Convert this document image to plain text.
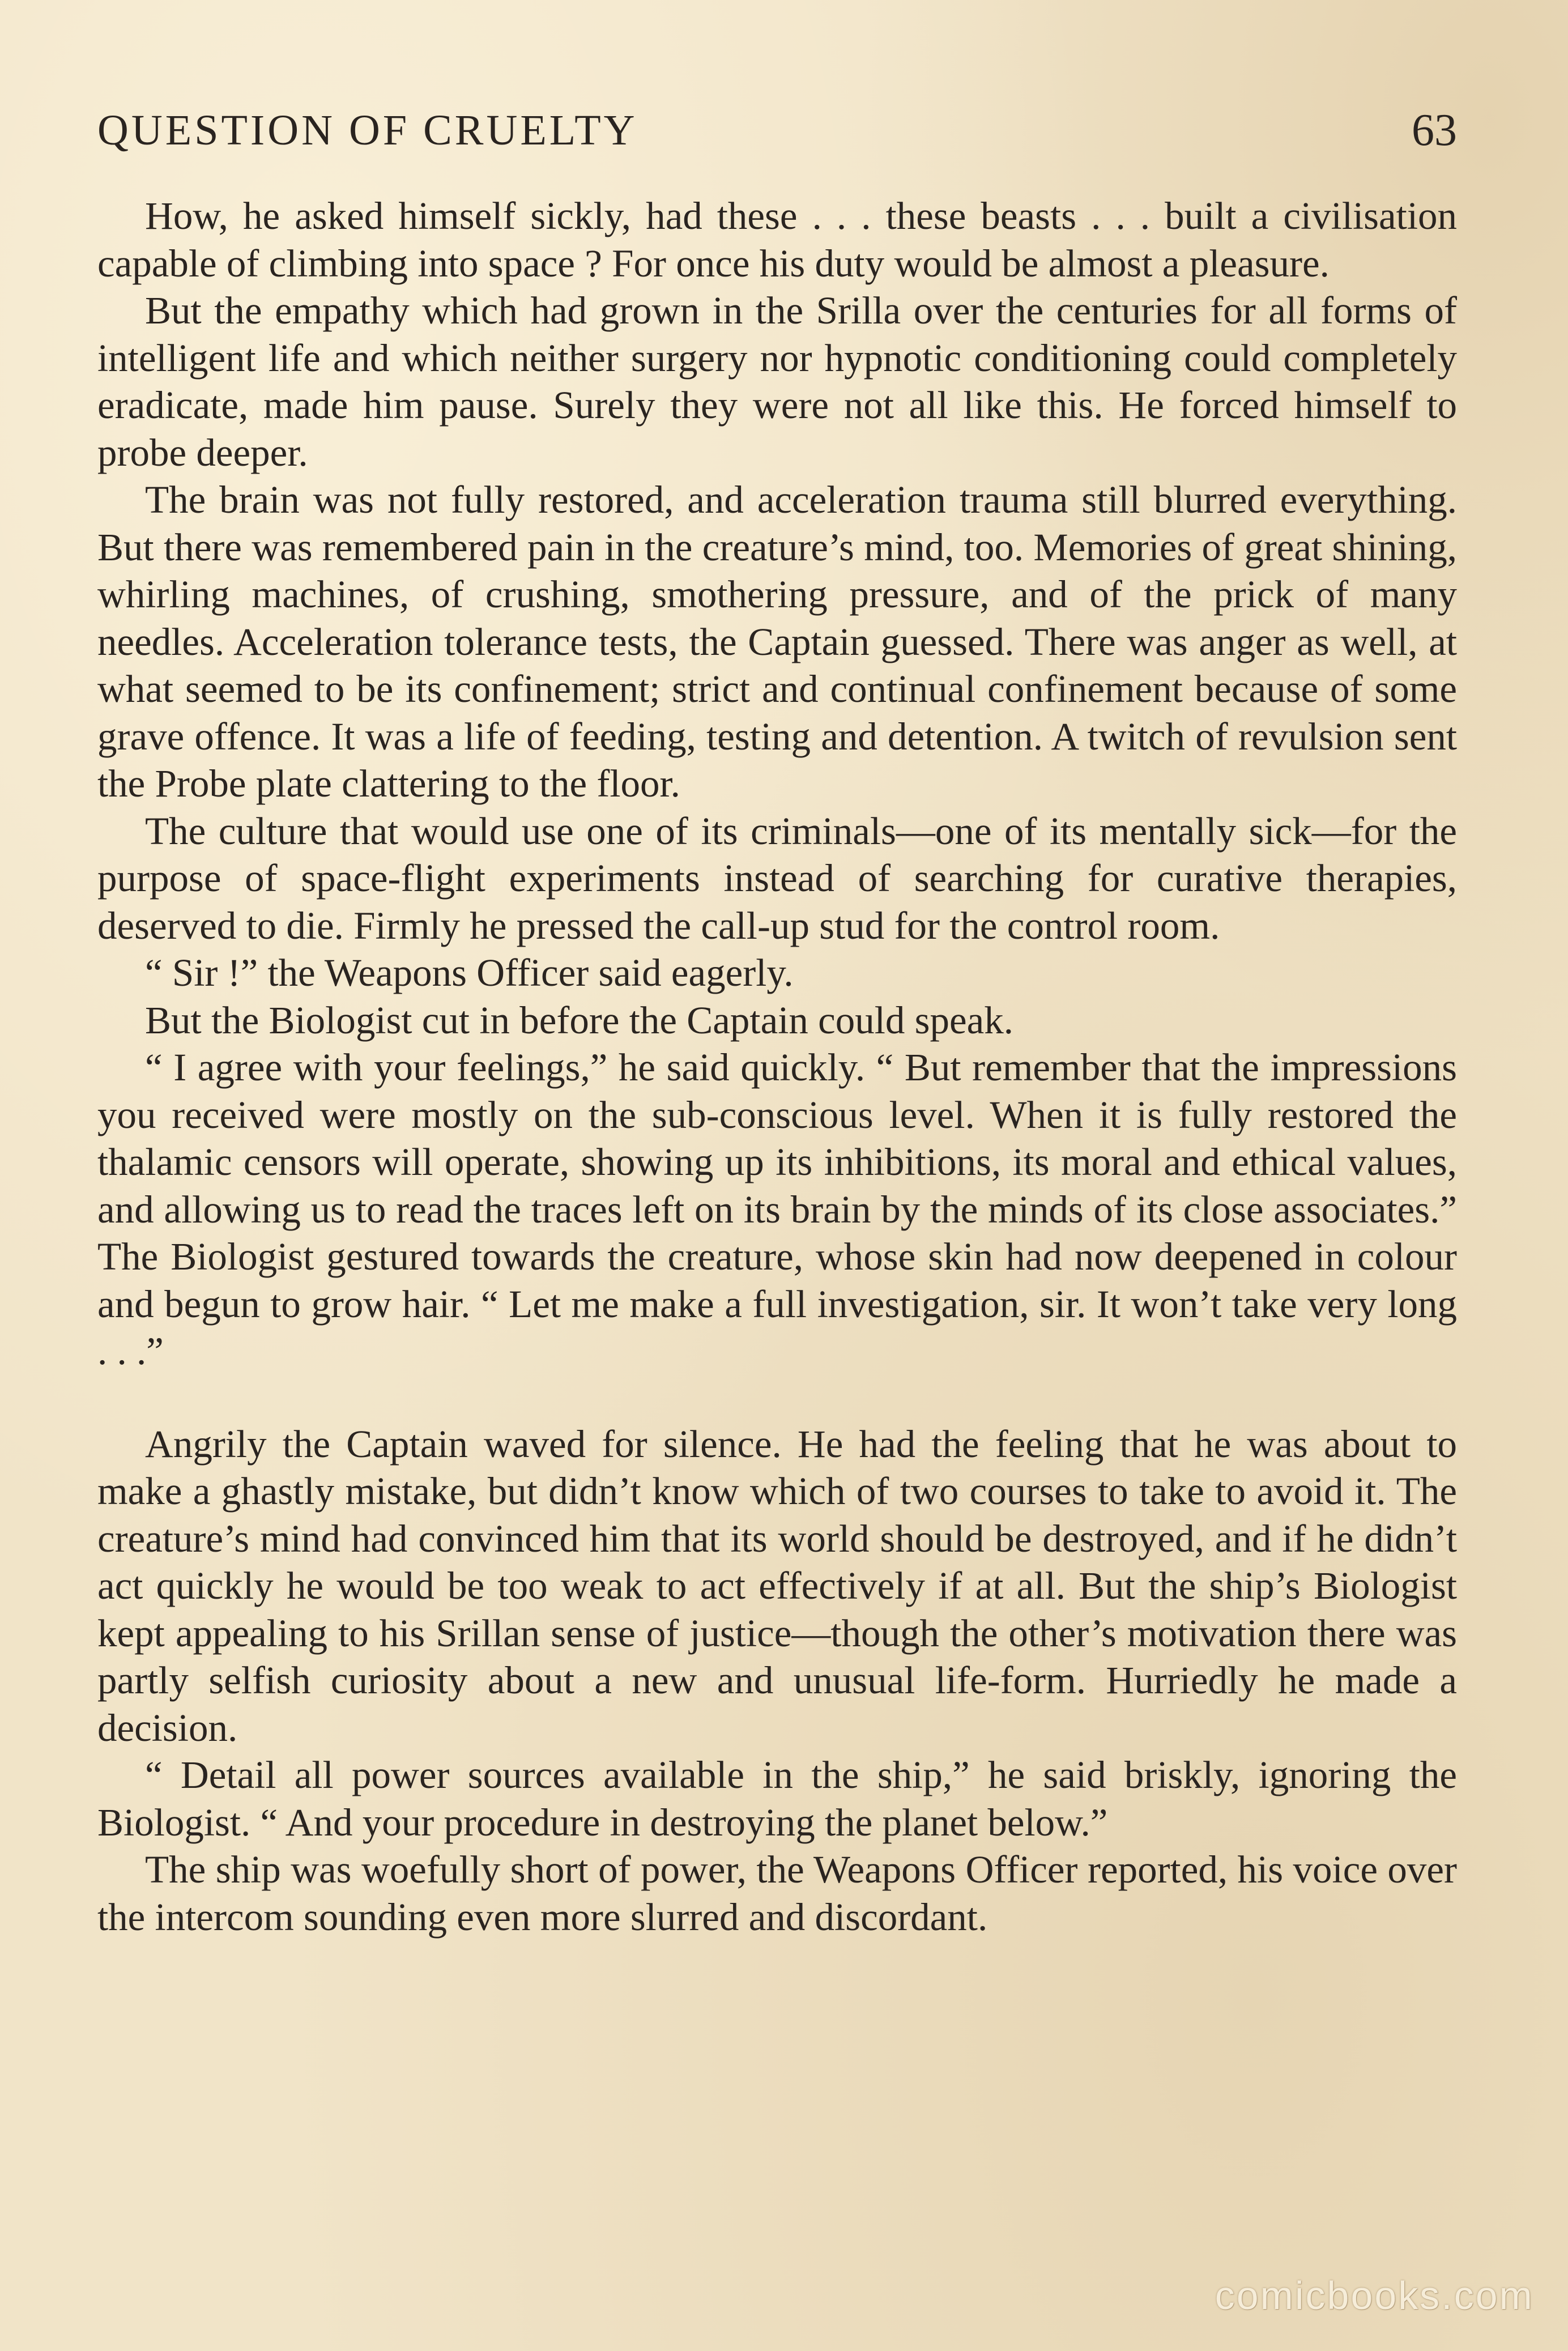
QUESTION OF CRUELTY	63

How, he asked himself sickly, had these . . . these beasts . . . built a civilisation capable of climbing into space ? For once his duty would be almost a pleasure.

But the empathy which had grown in the Srilla over the centuries for all forms of intelligent life and which neither surgery nor hypnotic conditioning could completely eradicate, made him pause. Surely they were not all like this. He forced himself to probe deeper.

The brain was not fully restored, and acceleration trauma still blurred everything. But there was remembered pain in the creature’s mind, too. Memories of great shining, whirling machines, of crushing, smothering pressure, and of the prick of many needles. Acceleration tolerance tests, the Captain guessed. There was anger as well, at what seemed to be its confinement; strict and continual confinement because of some grave offence. It was a life of feeding, testing and detention. A twitch of revulsion sent the Probe plate clattering to the floor.

The culture that would use one of its criminals—one of its mentally sick—for the purpose of space-flight experiments instead of searching for curative therapies, deserved to die. Firmly he pressed the call-up stud for the control room.

“ Sir !” the Weapons Officer said eagerly.

But the Biologist cut in before the Captain could speak.

“ I agree with your feelings,” he said quickly. “ But remember that the impressions you received were mostly on the sub-conscious level. When it is fully restored the thalamic censors will operate, showing up its inhibitions, its moral and ethical values, and allowing us to read the traces left on its brain by the minds of its close associates.” The Biologist gestured towards the creature, whose skin had now deepened in colour and begun to grow hair. “ Let me make a full investigation, sir. It won’t take very long . . .”

Angrily the Captain waved for silence. He had the feeling that he was about to make a ghastly mistake, but didn’t know which of two courses to take to avoid it. The creature’s mind had convinced him that its world should be destroyed, and if he didn’t act quickly he would be too weak to act effectively if at all. But the ship’s Biologist kept appealing to his Srillan sense of justice—though the other’s motivation there was partly selfish curiosity about a new and unusual life-form. Hurriedly he made a decision.

“ Detail all power sources available in the ship,” he said briskly, ignoring the Biologist. “ And your procedure in destroying the planet below.”

The ship was woefully short of power, the Weapons Officer reported, his voice over the intercom sounding even more slurred and discordant.

comicbooks.com
